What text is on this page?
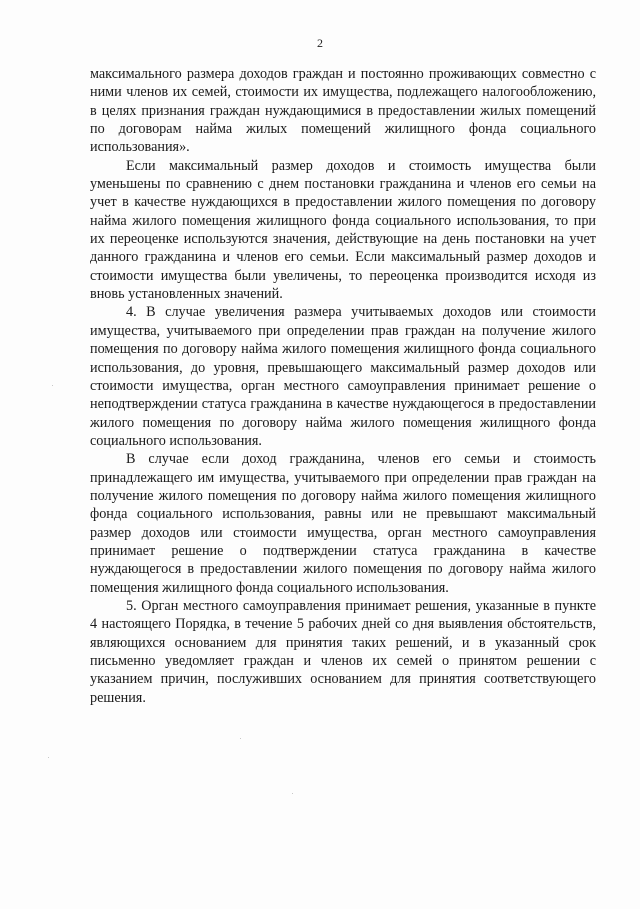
2

максимального размера доходов граждан и постоянно проживающих совместно с ними членов их семей, стоимости их имущества, подлежащего налогообложению, в целях признания граждан нуждающимися в предоставлении жилых помещений по договорам найма жилых помещений жилищного фонда социального использования».

Если максимальный размер доходов и стоимость имущества были уменьшены по сравнению с днем постановки гражданина и членов его семьи на учет в качестве нуждающихся в предоставлении жилого помещения по договору найма жилого помещения жилищного фонда социального использования, то при их переоценке используются значения, действующие на день постановки на учет данного гражданина и членов его семьи. Если максимальный размер доходов и стоимости имущества были увеличены, то переоценка производится исходя из вновь установленных значений.

4. В случае увеличения размера учитываемых доходов или стоимости имущества, учитываемого при определении прав граждан на получение жилого помещения по договору найма жилого помещения жилищного фонда социального использования, до уровня, превышающего максимальный размер доходов или стоимости имущества, орган местного самоуправления принимает решение о неподтверждении статуса гражданина в качестве нуждающегося в предоставлении жилого помещения по договору найма жилого помещения жилищного фонда социального использования.

В случае если доход гражданина, членов его семьи и стоимость принадлежащего им имущества, учитываемого при определении прав граждан на получение жилого помещения по договору найма жилого помещения жилищного фонда социального использования, равны или не превышают максимальный размер доходов или стоимости имущества, орган местного самоуправления принимает решение о подтверждении статуса гражданина в качестве нуждающегося в предоставлении жилого помещения по договору найма жилого помещения жилищного фонда социального использования.

5. Орган местного самоуправления принимает решения, указанные в пункте 4 настоящего Порядка, в течение 5 рабочих дней со дня выявления обстоятельств, являющихся основанием для принятия таких решений, и в указанный срок письменно уведомляет граждан и членов их семей о принятом решении с указанием причин, послуживших основанием для принятия соответствующего решения.
